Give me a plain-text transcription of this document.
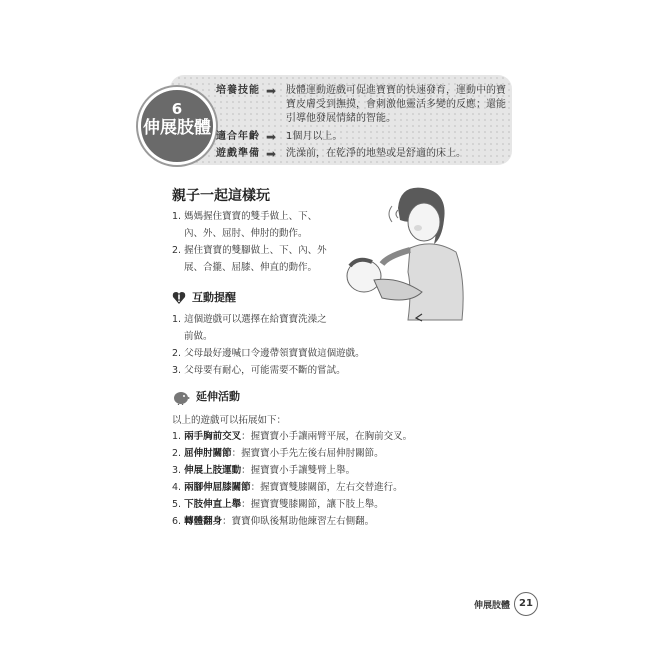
6
伸展肢體
培養技能 ➡ 肢體運動遊戲可促進寶寶的快速發育，運動中的寶寶皮膚受到撫摸，會刺激他靈活多變的反應；還能引導他發展情緒的智能。
適合年齡 ➡ 1個月以上。
遊戲準備 ➡ 洗澡前，在乾淨的地墊或是舒適的床上。
親子一起這樣玩
1. 媽媽握住寶寶的雙手做上、下、
內、外、屈肘、伸肘的動作。
2. 握住寶寶的雙腳做上、下、內、外
展、合攏、屈膝、伸直的動作。
互動提醒
1. 這個遊戲可以選擇在給寶寶洗澡之
前做。
2. 父母最好邊喊口令邊帶領寶寶做這個遊戲。
3. 父母要有耐心，可能需要不斷的嘗試。
延伸活動
以上的遊戲可以拓展如下：
1. 兩手胸前交叉：握寶寶小手讓兩臂平展，在胸前交叉。
2. 屈伸肘關節：握寶寶小手先左後右屈伸肘關節。
3. 伸展上肢運動：握寶寶小手讓雙臂上舉。
4. 兩腳伸屈膝關節：握寶寶雙膝關節，左右交替進行。
5. 下肢伸直上舉：握寶寶雙膝關節，讓下肢上舉。
6. 轉體翻身：寶寶仰臥後幫助他練習左右側翻。
伸展肢體 21
